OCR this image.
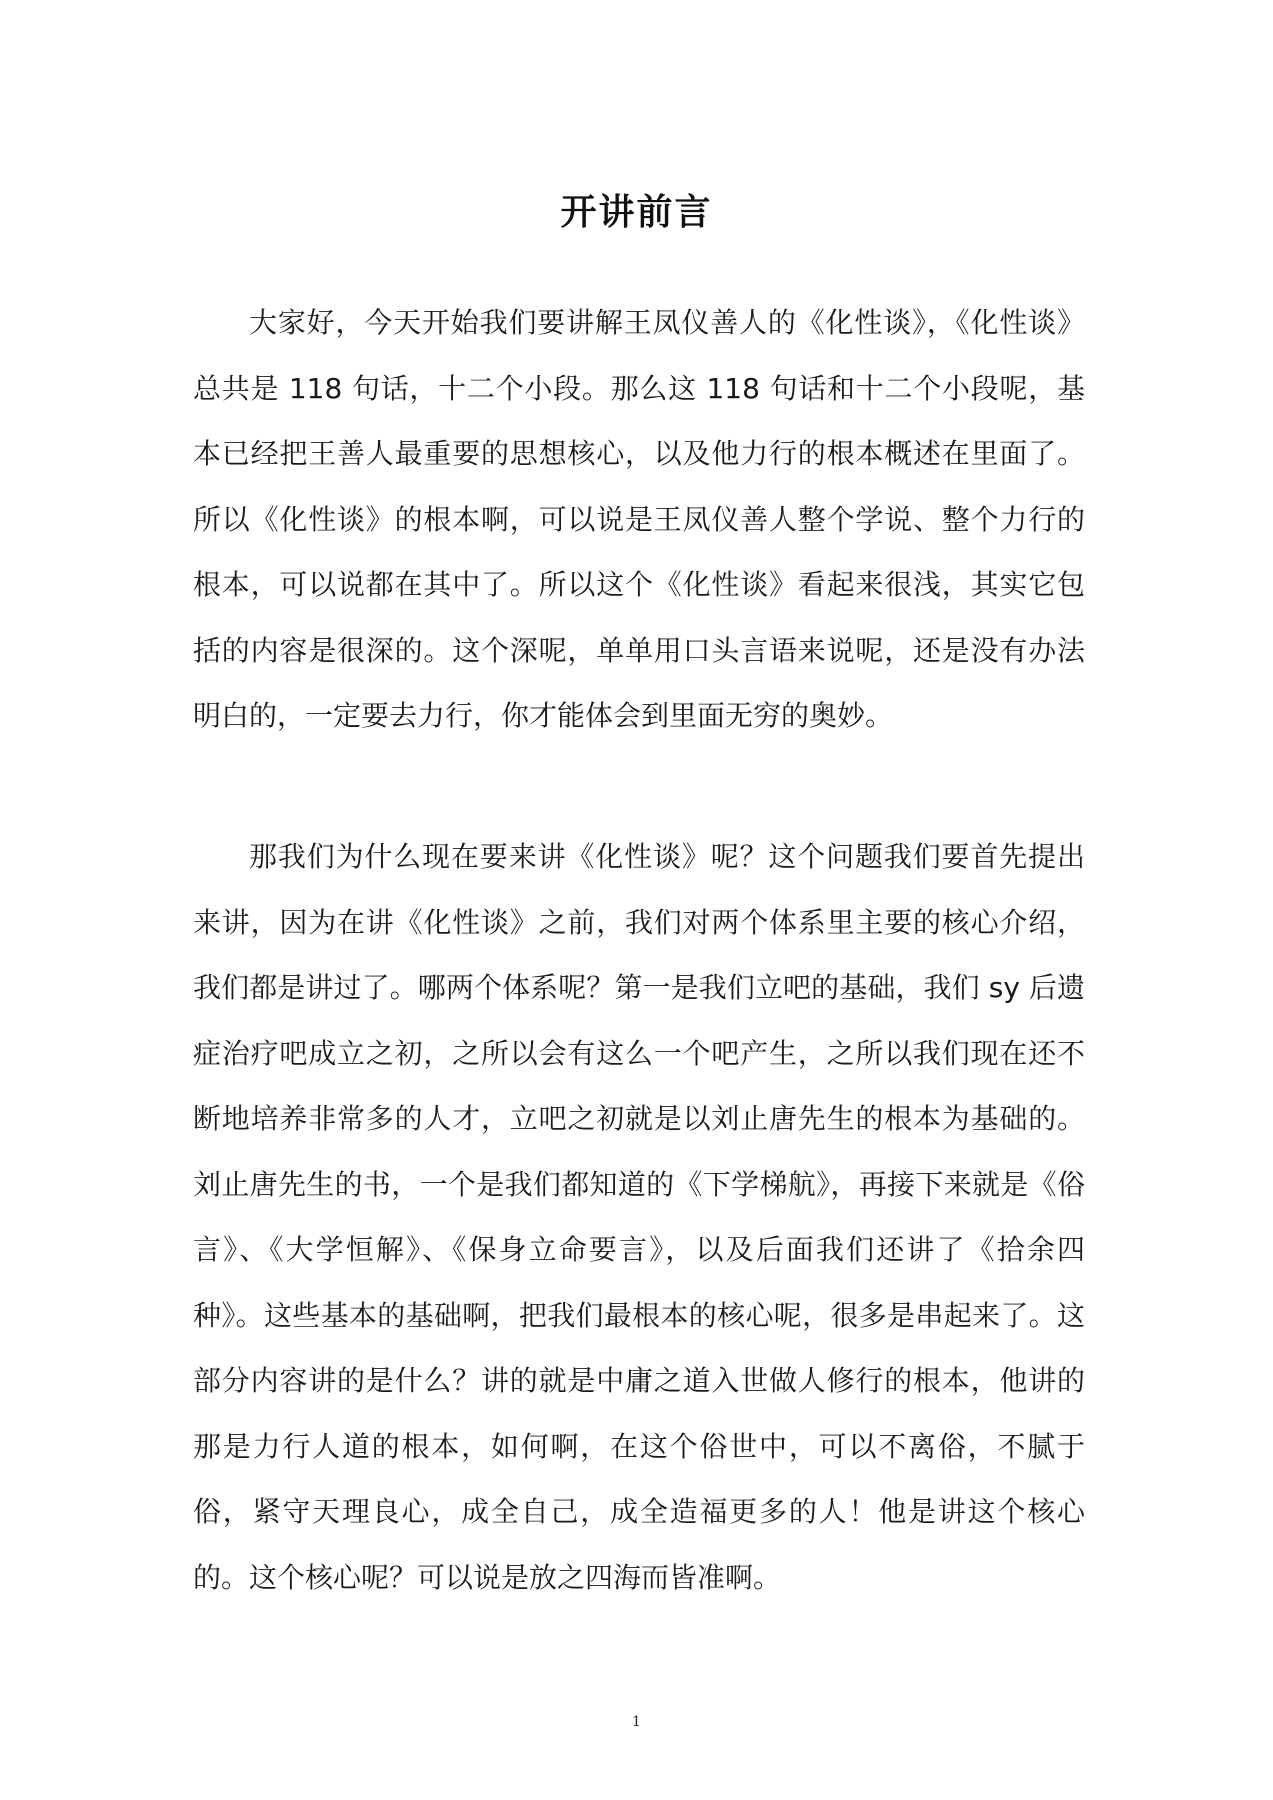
开讲前言

大家好，今天开始我们要讲解王凤仪善人的《化性谈》，《化性谈》总共是 118 句话，十二个小段。那么这 118 句话和十二个小段呢，基本已经把王善人最重要的思想核心，以及他力行的根本概述在里面了。所以《化性谈》的根本啊，可以说是王凤仪善人整个学说、整个力行的根本，可以说都在其中了。所以这个《化性谈》看起来很浅，其实它包括的内容是很深的。这个深呢，单单用口头言语来说呢，还是没有办法明白的，一定要去力行，你才能体会到里面无穷的奥妙。

那我们为什么现在要来讲《化性谈》呢？这个问题我们要首先提出来讲，因为在讲《化性谈》之前，我们对两个体系里主要的核心介绍，我们都是讲过了。哪两个体系呢？第一是我们立吧的基础，我们 sy 后遗症治疗吧成立之初，之所以会有这么一个吧产生，之所以我们现在还不断地培养非常多的人才，立吧之初就是以刘止唐先生的根本为基础的。刘止唐先生的书，一个是我们都知道的《下学梯航》，再接下来就是《俗言》、《大学恒解》、《保身立命要言》，以及后面我们还讲了《拾余四种》。这些基本的基础啊，把我们最根本的核心呢，很多是串起来了。这部分内容讲的是什么？讲的就是中庸之道入世做人修行的根本，他讲的那是力行人道的根本，如何啊，在这个俗世中，可以不离俗，不腻于俗，紧守天理良心，成全自己，成全造福更多的人！他是讲这个核心的。这个核心呢？可以说是放之四海而皆准啊。

1
